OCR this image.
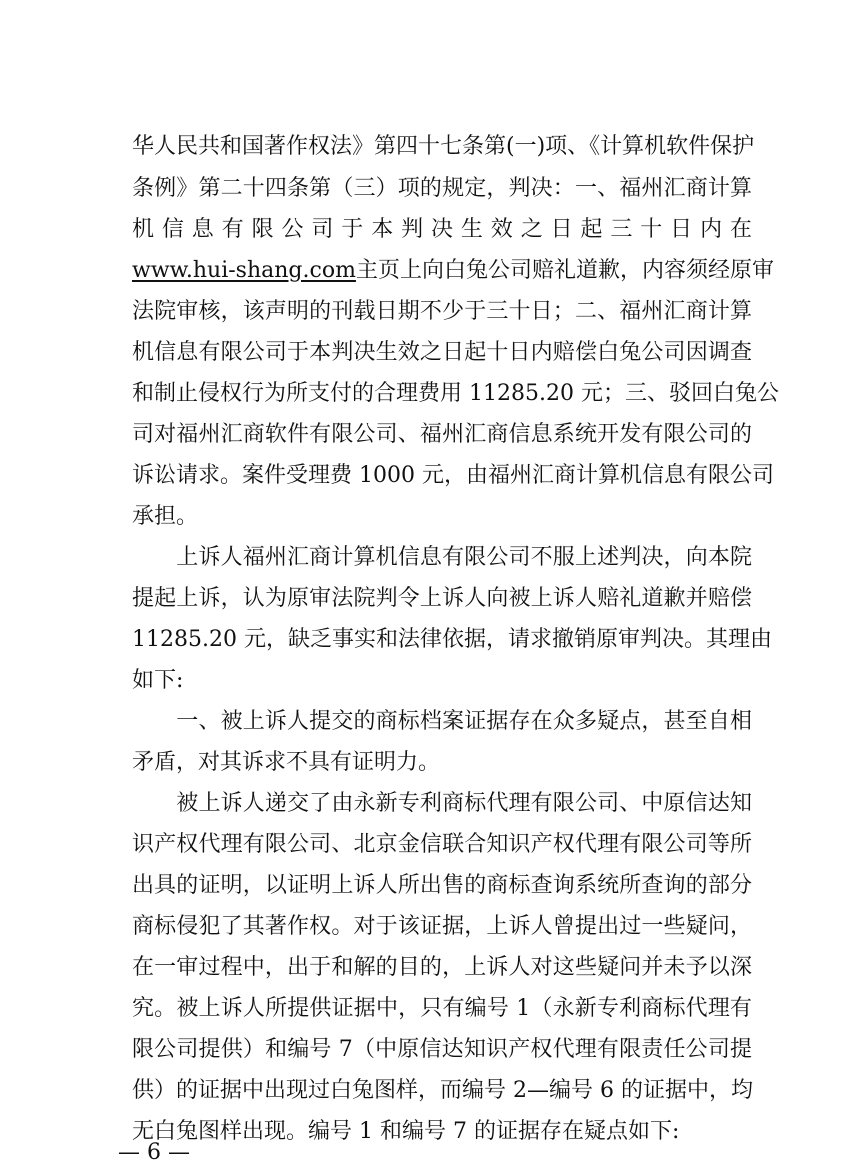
华人民共和国著作权法》第四十七条第(一)项、《计算机软件保护
条例》第二十四条第（三）项的规定，判决：一、福州汇商计算
机信息有限公司于本判决生效之日起三十日内在
www.hui-shang.com主页上向白兔公司赔礼道歉，内容须经原审
法院审核，该声明的刊载日期不少于三十日；二、福州汇商计算
机信息有限公司于本判决生效之日起十日内赔偿白兔公司因调查
和制止侵权行为所支付的合理费用 11285.20 元；三、驳回白兔公
司对福州汇商软件有限公司、福州汇商信息系统开发有限公司的
诉讼请求。案件受理费 1000 元，由福州汇商计算机信息有限公司
承担。
　　上诉人福州汇商计算机信息有限公司不服上述判决，向本院
提起上诉，认为原审法院判令上诉人向被上诉人赔礼道歉并赔偿
11285.20 元，缺乏事实和法律依据，请求撤销原审判决。其理由
如下:
　　一、被上诉人提交的商标档案证据存在众多疑点，甚至自相
矛盾，对其诉求不具有证明力。
　　被上诉人递交了由永新专利商标代理有限公司、中原信达知
识产权代理有限公司、北京金信联合知识产权代理有限公司等所
出具的证明，以证明上诉人所出售的商标查询系统所查询的部分
商标侵犯了其著作权。对于该证据，上诉人曾提出过一些疑问，
在一审过程中，出于和解的目的，上诉人对这些疑问并未予以深
究。被上诉人所提供证据中，只有编号 1（永新专利商标代理有
限公司提供）和编号 7（中原信达知识产权代理有限责任公司提
供）的证据中出现过白兔图样，而编号 2—编号 6 的证据中，均
无白兔图样出现。编号 1 和编号 7 的证据存在疑点如下:
— 6 —
